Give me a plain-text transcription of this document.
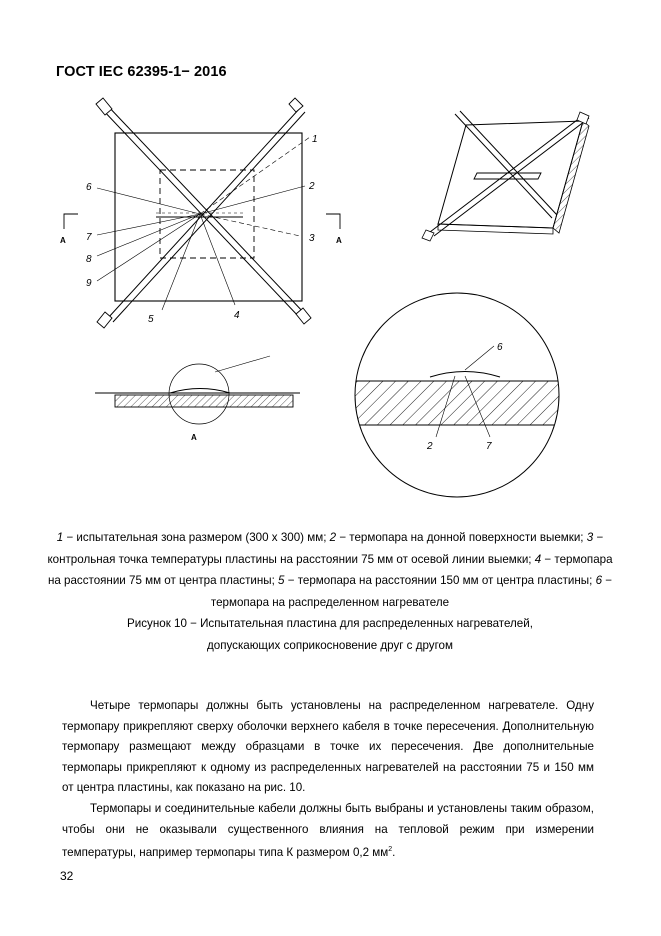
ГОСТ IEC 62395-1− 2016
1
2
3
4
5
6
7
8
9
A	A
A
6
2	7
1 − испытательная зона размером (300 х 300) мм; 2 − термопара на донной поверхности выемки; 3 − контрольная точка температуры пластины на расстоянии 75 мм от осевой линии выемки; 4 − термопара на расстоянии 75 мм от центра пластины; 5 − термопара на расстоянии 150 мм от центра пластины; 6 − термопара на распределенном нагревателе
Рисунок 10 − Испытательная пластина для распределенных нагревателей,
допускающих соприкосновение друг с другом

Четыре термопары должны быть установлены на распределенном нагревателе. Одну термопару прикрепляют сверху оболочки верхнего кабеля в точке пересечения. Дополнительную термопару размещают между образцами в точке их пересечения. Две дополнительные термопары прикрепляют к одному из распределенных нагревателей на расстоянии 75 и 150 мм от центра пластины, как показано на рис. 10.

Термопары и соединительные кабели должны быть выбраны и установлены таким образом, чтобы они не оказывали существенного влияния на тепловой режим при измерении температуры, например термопары типа К размером 0,2 $мм^2$.

32
